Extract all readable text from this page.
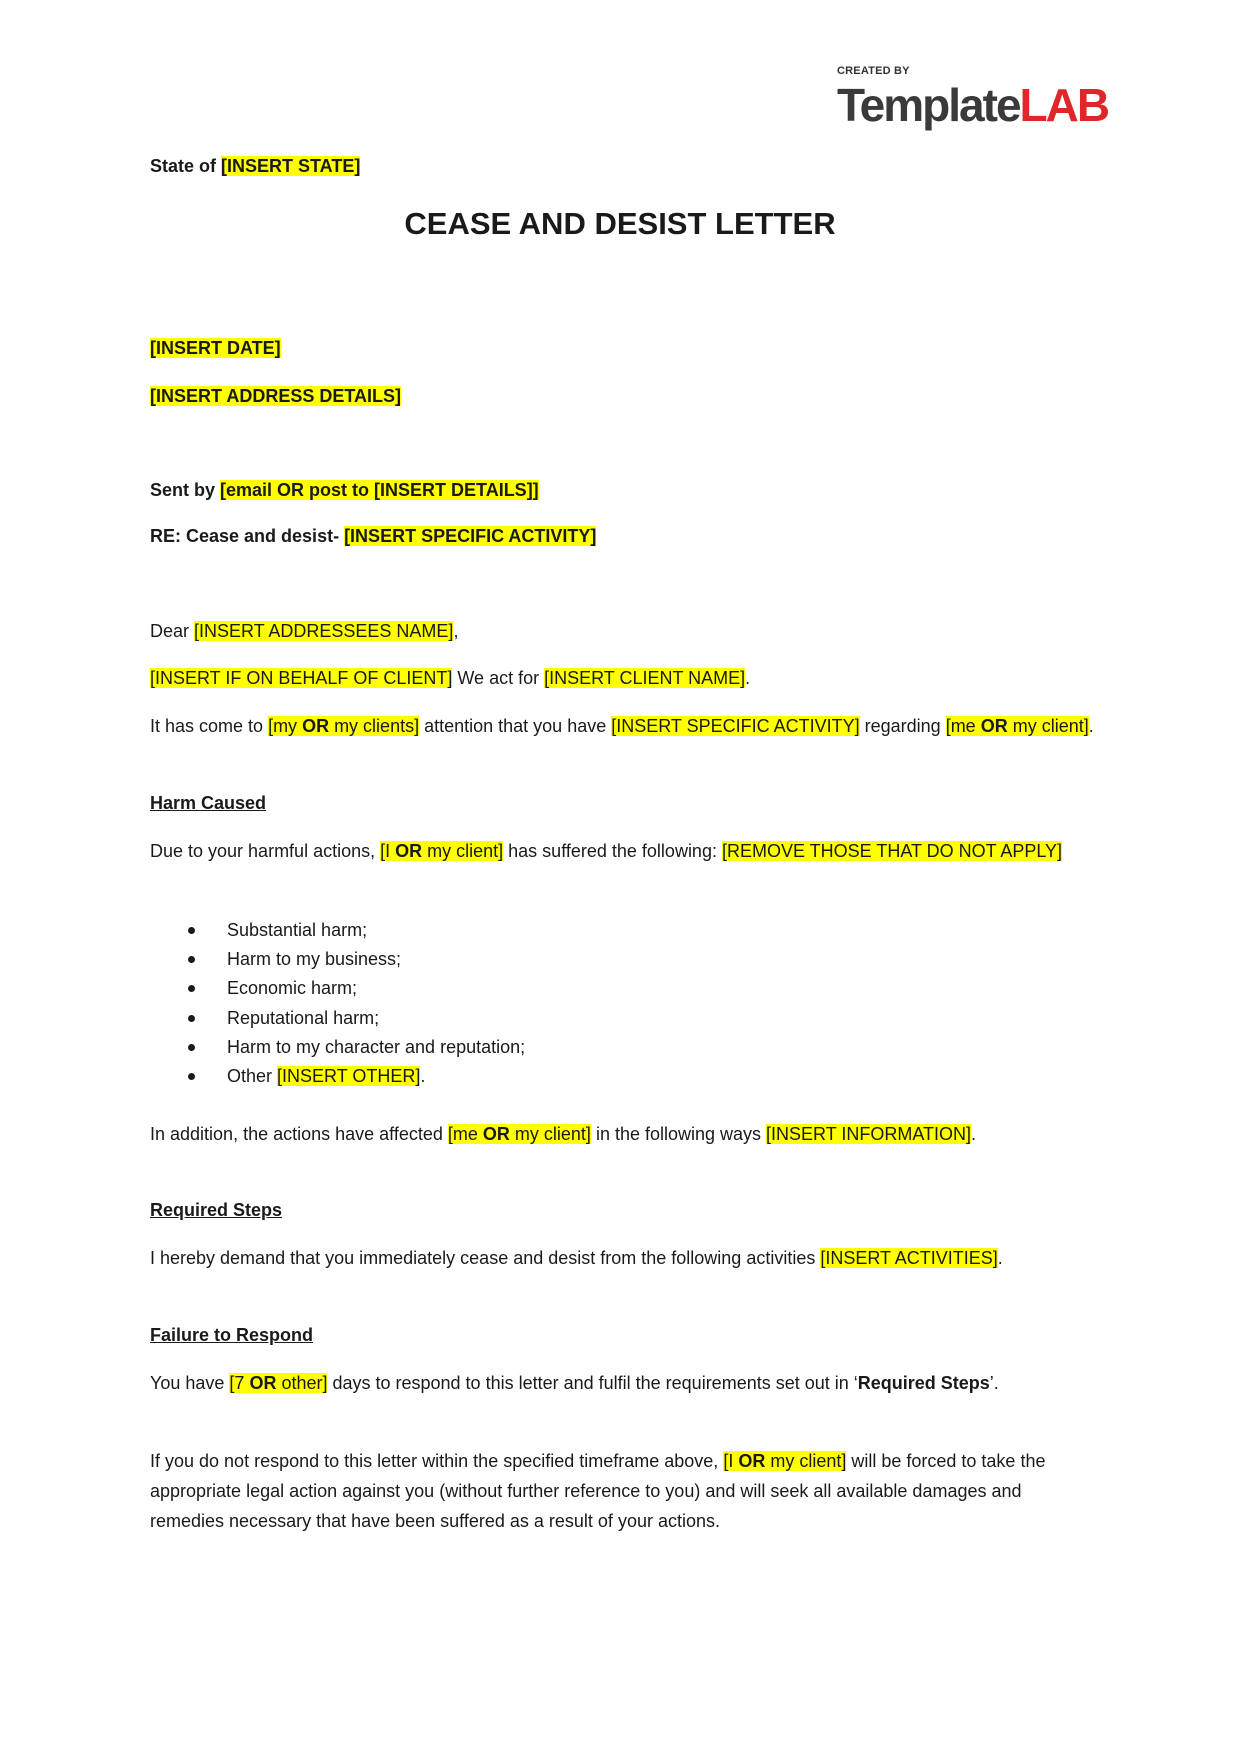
CREATED BY
TemplateLAB
State of [INSERT STATE]
CEASE AND DESIST LETTER
[INSERT DATE]
[INSERT ADDRESS DETAILS]
Sent by [email OR post to [INSERT DETAILS]]
RE: Cease and desist- [INSERT SPECIFIC ACTIVITY]
Dear [INSERT ADDRESSEES NAME],
[INSERT IF ON BEHALF OF CLIENT] We act for [INSERT CLIENT NAME].
It has come to [my OR my clients] attention that you have [INSERT SPECIFIC ACTIVITY] regarding [me OR my client].
Harm Caused
Due to your harmful actions, [I OR my client] has suffered the following: [REMOVE THOSE THAT DO NOT APPLY]
Substantial harm;
Harm to my business;
Economic harm;
Reputational harm;
Harm to my character and reputation;
Other [INSERT OTHER].
In addition, the actions have affected [me OR my client] in the following ways [INSERT INFORMATION].
Required Steps
I hereby demand that you immediately cease and desist from the following activities [INSERT ACTIVITIES].
Failure to Respond
You have [7 OR other] days to respond to this letter and fulfil the requirements set out in ‘Required Steps’.
If you do not respond to this letter within the specified timeframe above, [I OR my client] will be forced to take the appropriate legal action against you (without further reference to you) and will seek all available damages and remedies necessary that have been suffered as a result of your actions.
